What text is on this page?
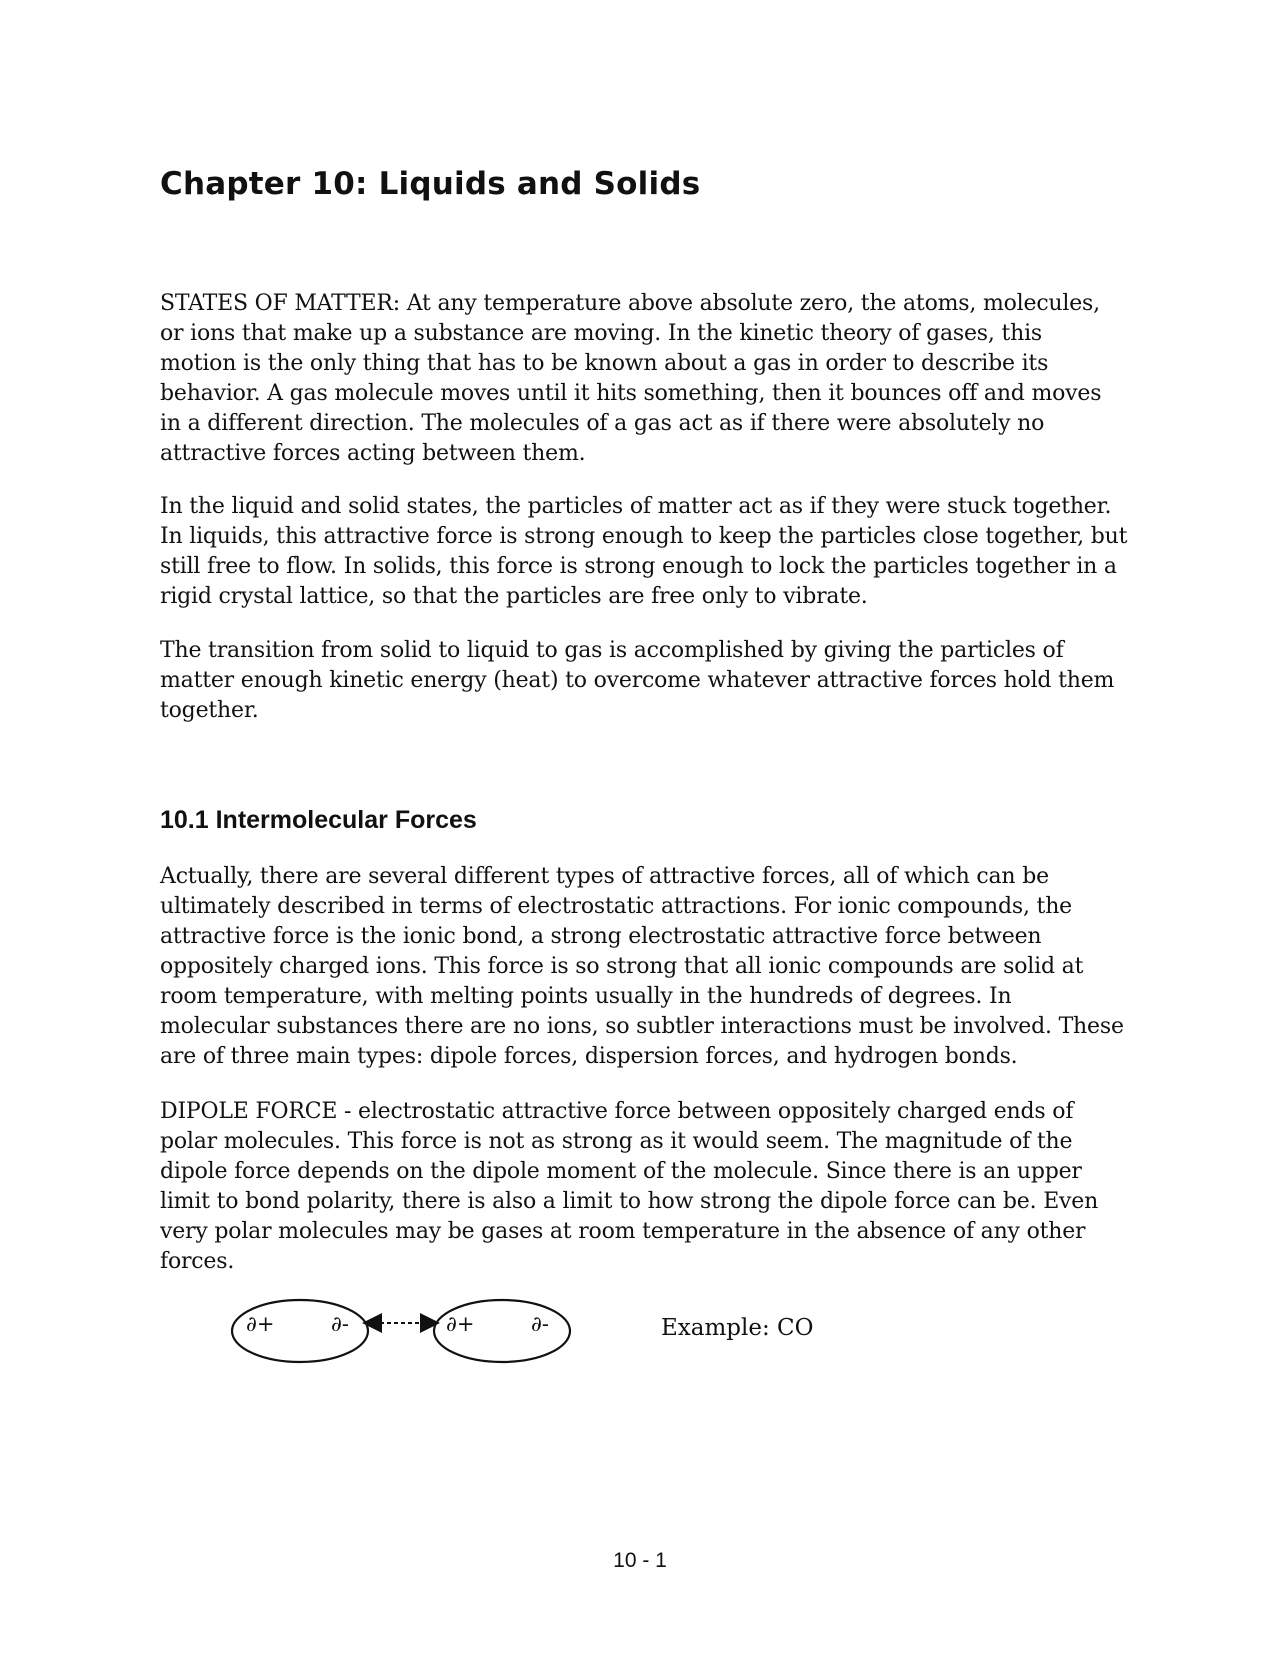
Chapter 10: Liquids and Solids

STATES OF MATTER: At any temperature above absolute zero, the atoms, molecules,
or ions that make up a substance are moving. In the kinetic theory of gases, this
motion is the only thing that has to be known about a gas in order to describe its
behavior. A gas molecule moves until it hits something, then it bounces off and moves
in a different direction. The molecules of a gas act as if there were absolutely no
attractive forces acting between them.

In the liquid and solid states, the particles of matter act as if they were stuck together.
In liquids, this attractive force is strong enough to keep the particles close together, but
still free to flow. In solids, this force is strong enough to lock the particles together in a
rigid crystal lattice, so that the particles are free only to vibrate.

The transition from solid to liquid to gas is accomplished by giving the particles of
matter enough kinetic energy (heat) to overcome whatever attractive forces hold them
together.

10.1 Intermolecular Forces

Actually, there are several different types of attractive forces, all of which can be
ultimately described in terms of electrostatic attractions. For ionic compounds, the
attractive force is the ionic bond, a strong electrostatic attractive force between
oppositely charged ions. This force is so strong that all ionic compounds are solid at
room temperature, with melting points usually in the hundreds of degrees. In
molecular substances there are no ions, so subtler interactions must be involved. These
are of three main types: dipole forces, dispersion forces, and hydrogen bonds.

DIPOLE FORCE - electrostatic attractive force between oppositely charged ends of
polar molecules. This force is not as strong as it would seem. The magnitude of the
dipole force depends on the dipole moment of the molecule. Since there is an upper
limit to bond polarity, there is also a limit to how strong the dipole force can be. Even
very polar molecules may be gases at room temperature in the absence of any other
forces.

∂+	∂-	∂+	∂-	Example: CO

10 - 1
